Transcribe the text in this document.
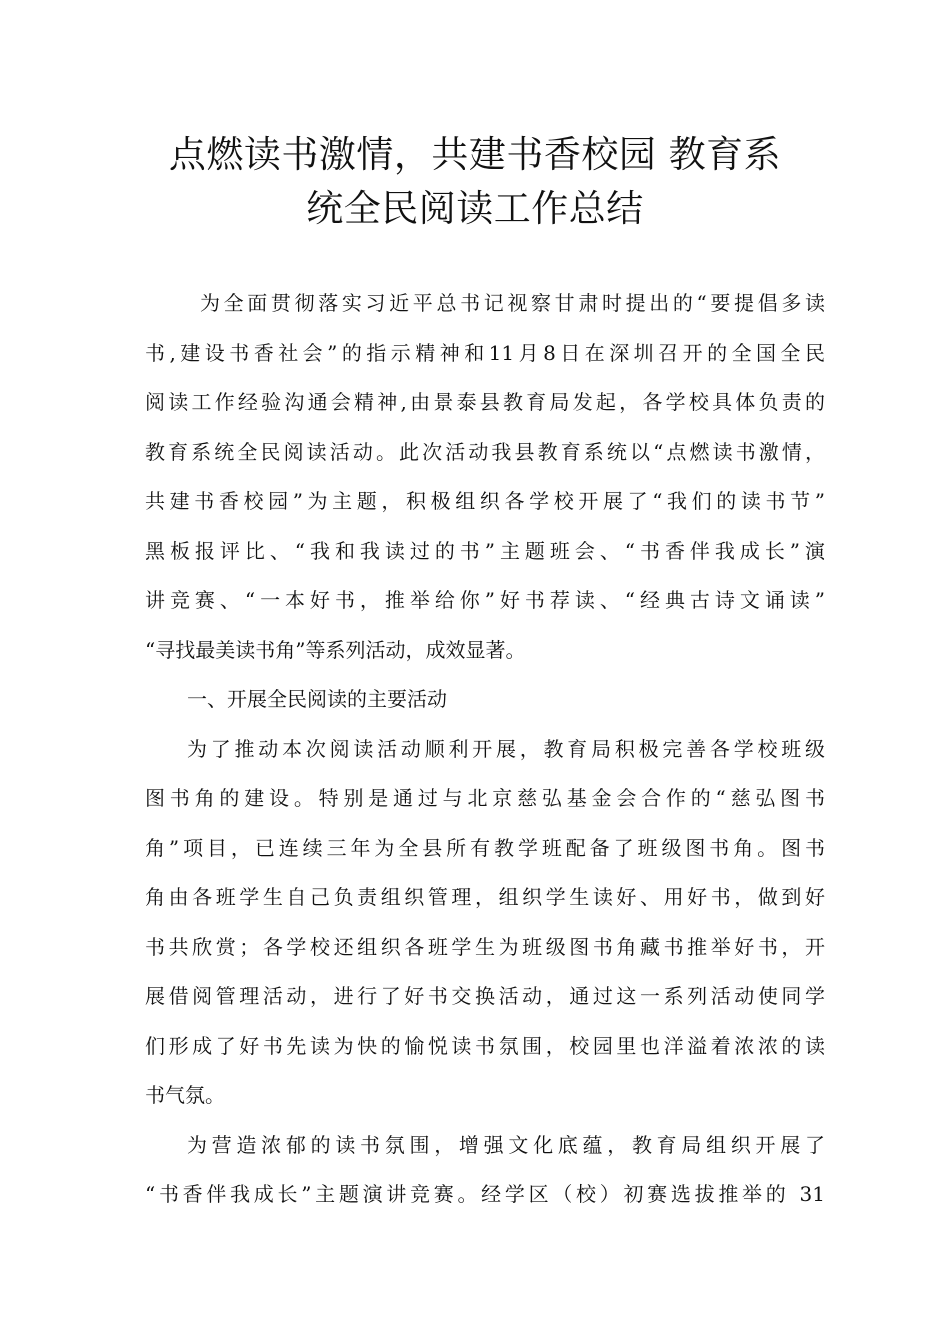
点燃读书激情，共建书香校园 教育系
统全民阅读工作总结
为全面贯彻落实习近平总书记视察甘肃时提出的“要提倡多读
书,建设书香社会”的指示精神和11月8日在深圳召开的全国全民
阅读工作经验沟通会精神,由景泰县教育局发起，各学校具体负责的
教育系统全民阅读活动。此次活动我县教育系统以“点燃读书激情，
共建书香校园”为主题，积极组织各学校开展了“我们的读书节”
黑板报评比、“我和我读过的书”主题班会、“书香伴我成长”演
讲竞赛、“一本好书，推举给你”好书荐读、“经典古诗文诵读”
“寻找最美读书角”等系列活动，成效显著。
一、开展全民阅读的主要活动
为了推动本次阅读活动顺利开展，教育局积极完善各学校班级
图书角的建设。特别是通过与北京慈弘基金会合作的“慈弘图书
角”项目，已连续三年为全县所有教学班配备了班级图书角。图书
角由各班学生自己负责组织管理，组织学生读好、用好书，做到好
书共欣赏；各学校还组织各班学生为班级图书角藏书推举好书，开
展借阅管理活动，进行了好书交换活动，通过这一系列活动使同学
们形成了好书先读为快的愉悦读书氛围，校园里也洋溢着浓浓的读
书气氛。
为营造浓郁的读书氛围，增强文化底蕴，教育局组织开展了
“书香伴我成长”主题演讲竞赛。经学区（校）初赛选拔推举的 31
